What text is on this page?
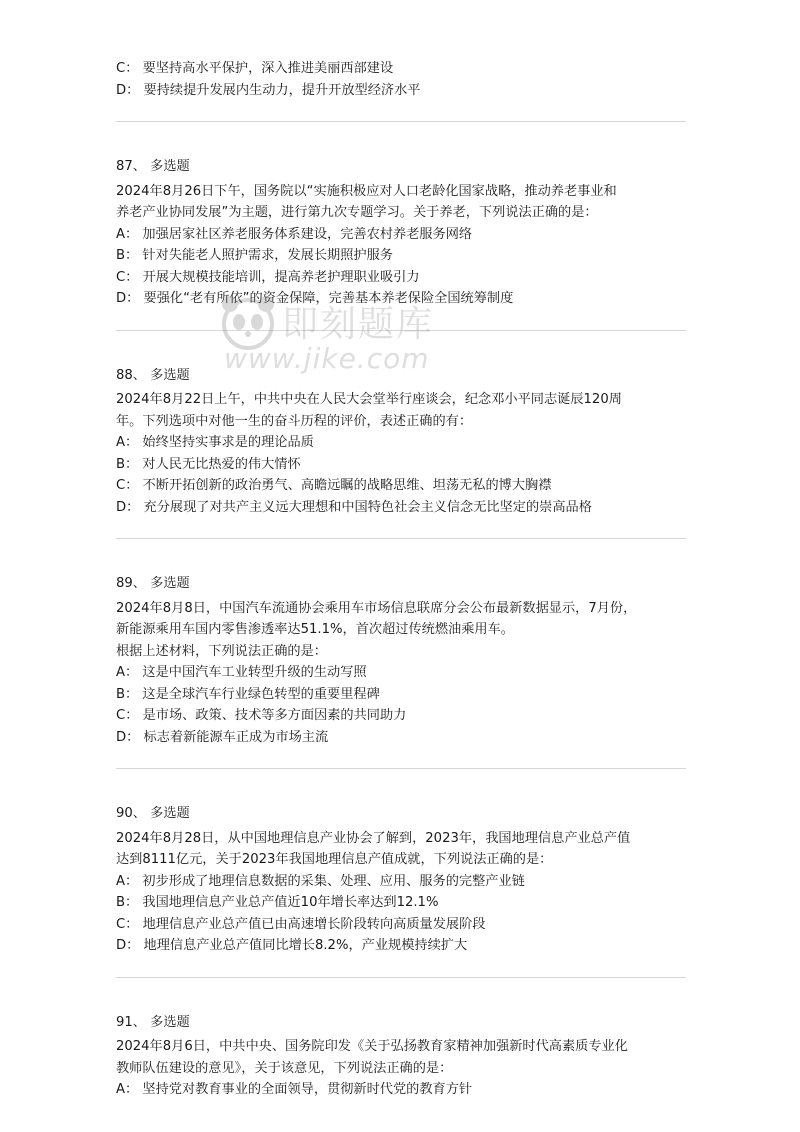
C： 要坚持高水平保护，深入推进美丽西部建设
D： 要持续提升发展内生动力，提升开放型经济水平
87、 多选题
2024年8月26日下午，国务院以“实施积极应对人口老龄化国家战略，推动养老事业和
养老产业协同发展”为主题，进行第九次专题学习。关于养老，下列说法正确的是：
A： 加强居家社区养老服务体系建设，完善农村养老服务网络
B： 针对失能老人照护需求，发展长期照护服务
C： 开展大规模技能培训，提高养老护理职业吸引力
D： 要强化“老有所依”的资金保障，完善基本养老保险全国统筹制度
88、 多选题
2024年8月22日上午，中共中央在人民大会堂举行座谈会，纪念邓小平同志诞辰120周
年。下列选项中对他一生的奋斗历程的评价，表述正确的有：
A： 始终坚持实事求是的理论品质
B： 对人民无比热爱的伟大情怀
C： 不断开拓创新的政治勇气、高瞻远瞩的战略思维、坦荡无私的博大胸襟
D： 充分展现了对共产主义远大理想和中国特色社会主义信念无比坚定的崇高品格
89、 多选题
2024年8月8日，中国汽车流通协会乘用车市场信息联席分会公布最新数据显示，7月份，
新能源乘用车国内零售渗透率达51.1%，首次超过传统燃油乘用车。
根据上述材料，下列说法正确的是：
A： 这是中国汽车工业转型升级的生动写照
B： 这是全球汽车行业绿色转型的重要里程碑
C： 是市场、政策、技术等多方面因素的共同助力
D： 标志着新能源车正成为市场主流
90、 多选题
2024年8月28日，从中国地理信息产业协会了解到，2023年，我国地理信息产业总产值
达到8111亿元，关于2023年我国地理信息产值成就，下列说法正确的是：
A： 初步形成了地理信息数据的采集、处理、应用、服务的完整产业链
B： 我国地理信息产业总产值近10年增长率达到12.1%
C： 地理信息产业总产值已由高速增长阶段转向高质量发展阶段
D： 地理信息产业总产值同比增长8.2%，产业规模持续扩大
91、 多选题
2024年8月6日，中共中央、国务院印发《关于弘扬教育家精神加强新时代高素质专业化
教师队伍建设的意见》，关于该意见，下列说法正确的是：
A： 坚持党对教育事业的全面领导，贯彻新时代党的教育方针
即刻题库
www.jike.com
